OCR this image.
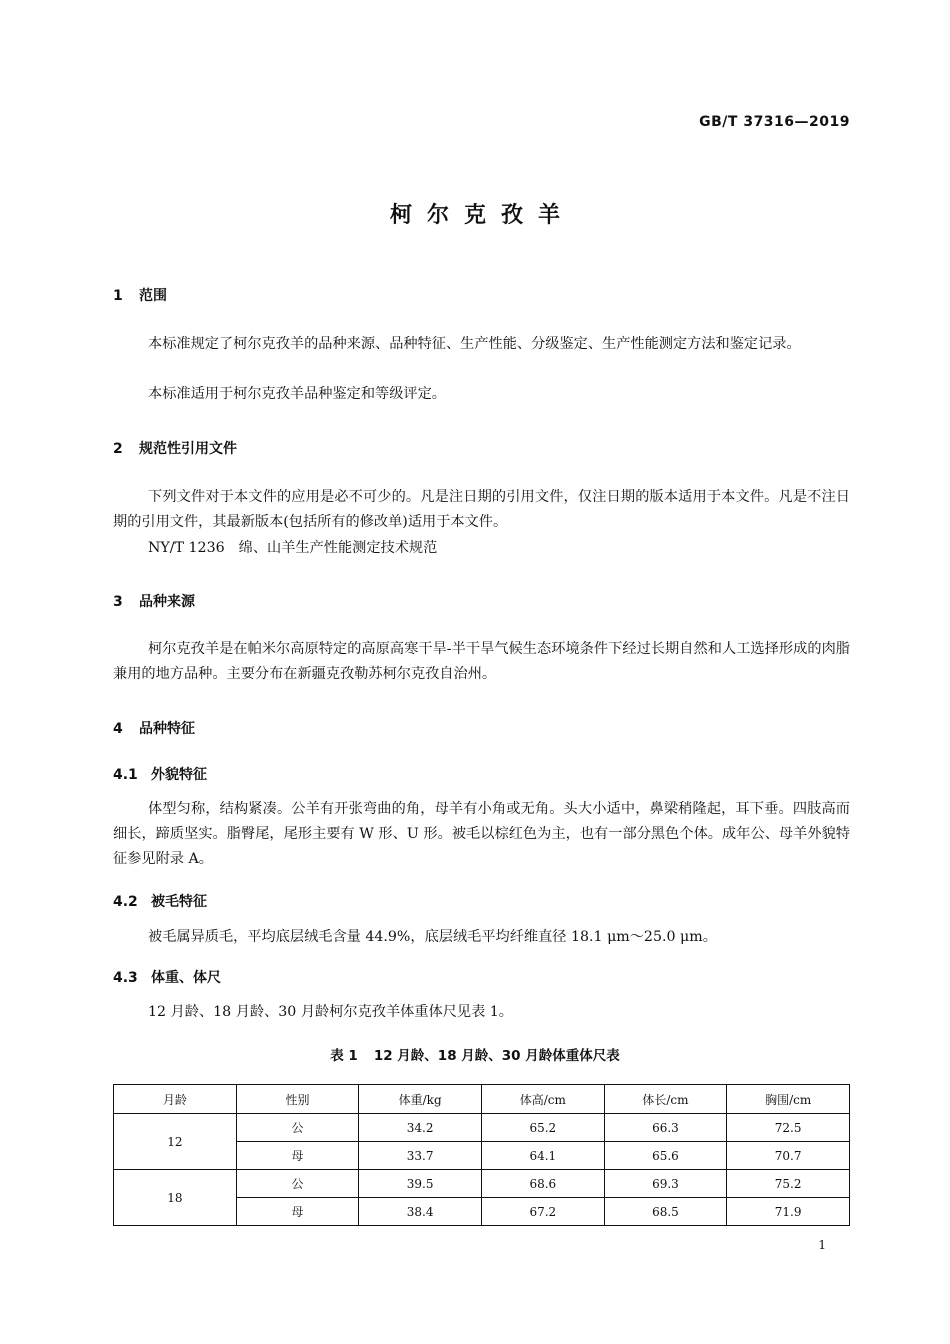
GB/T 37316—2019
柯尔克孜羊
1 范围
本标准规定了柯尔克孜羊的品种来源、品种特征、生产性能、分级鉴定、生产性能测定方法和鉴定记录。
本标准适用于柯尔克孜羊品种鉴定和等级评定。
2 规范性引用文件
下列文件对于本文件的应用是必不可少的。凡是注日期的引用文件，仅注日期的版本适用于本文件。凡是不注日期的引用文件，其最新版本(包括所有的修改单)适用于本文件。
NY/T 1236 绵、山羊生产性能测定技术规范
3 品种来源
柯尔克孜羊是在帕米尔高原特定的高原高寒干旱-半干旱气候生态环境条件下经过长期自然和人工选择形成的肉脂兼用的地方品种。主要分布在新疆克孜勒苏柯尔克孜自治州。
4 品种特征
4.1 外貌特征
体型匀称，结构紧凑。公羊有开张弯曲的角，母羊有小角或无角。头大小适中，鼻梁稍隆起，耳下垂。四肢高而细长，蹄质坚实。脂臀尾，尾形主要有 W 形、U 形。被毛以棕红色为主，也有一部分黑色个体。成年公、母羊外貌特征参见附录 A。
4.2 被毛特征
被毛属异质毛，平均底层绒毛含量 44.9%，底层绒毛平均纤维直径 18.1 μm～25.0 μm。
4.3 体重、体尺
12 月龄、18 月龄、30 月龄柯尔克孜羊体重体尺见表 1。
表 1 12 月龄、18 月龄、30 月龄体重体尺表
月龄	性别	体重/kg	体高/cm	体长/cm	胸围/cm
12	公	34.2	65.2	66.3	72.5
	母	33.7	64.1	65.6	70.7
18	公	39.5	68.6	69.3	75.2
	母	38.4	67.2	68.5	71.9
1
